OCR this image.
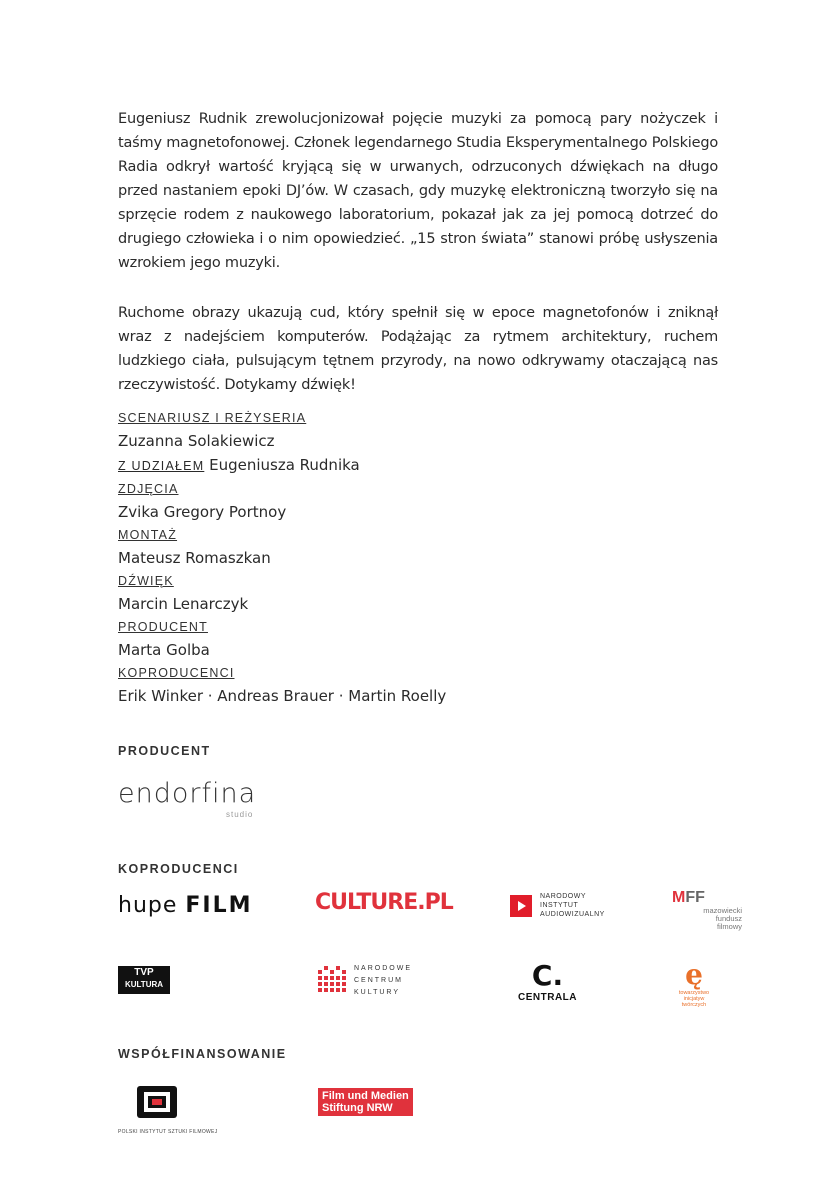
Eugeniusz Rudnik zrewolucjonizował pojęcie muzyki za pomocą pary nożyczek i taśmy magnetofonowej. Członek legendarnego Studia Eksperymentalnego Polskiego Radia odkrył wartość kryjącą się w urwanych, odrzuconych dźwiękach na długo przed nastaniem epoki DJ’ów. W czasach, gdy muzykę elektroniczną tworzyło się na sprzęcie rodem z naukowego laboratorium, pokazał jak za jej pomocą dotrzeć do drugiego człowieka i o nim opowiedzieć. „15 stron świata” stanowi próbę usłyszenia wzrokiem jego muzyki.

Ruchome obrazy ukazują cud, który spełnił się w epoce magnetofonów i zniknął wraz z nadejściem komputerów. Podążając za rytmem architektury, ruchem ludzkiego ciała, pulsującym tętnem przyrody, na nowo odkrywamy otaczającą nas rzeczywistość. Dotykamy dźwięk!

SCENARIUSZ I REŻYSERIA
Zuzanna Solakiewicz
Z UDZIAŁEM Eugeniusza Rudnika
ZDJĘCIA
Zvika Gregory Portnoy
MONTAŻ
Mateusz Romaszkan
DŹWIĘK
Marcin Lenarczyk
PRODUCENT
Marta Golba
KOPRODUCENCI
Erik Winker · Andreas Brauer · Martin Roelly
PRODUCENT
endorfina
studio
KOPRODUCENCI
hupe FILM	CULTURE.PL	NARODOWY
INSTYTUT
AUDIOWIZUALNY
MFF
mazowiecki
fundusz
filmowy
TVP
KULTURA
NARODOWE
CENTRUM
KULTURY
C.
CENTRALA
ę
towarzystwo
inicjatyw
twórczych
WSPÓŁFINANSOWANIE
POLSKI INSTYTUT SZTUKI FILMOWEJ
Film und Medien
Stiftung NRW
